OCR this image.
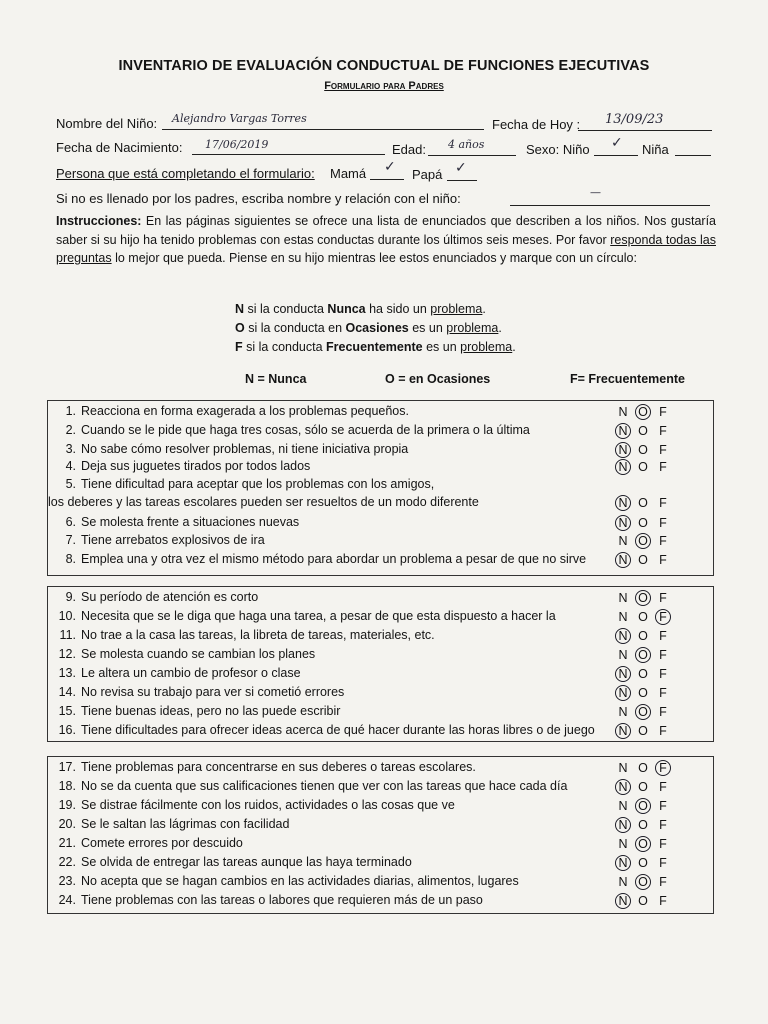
INVENTARIO DE EVALUACIÓN CONDUCTUAL DE FUNCIONES EJECUTIVAS
Formulario para Padres
Nombre del Niño: Alejandro Vargas Torres	Fecha de Hoy : 13/09/23
Fecha de Nacimiento: 17/06/2019	Edad: 4 años	Sexo: Niño ✓ Niña
Persona que está completando el formulario: Mamá ✓
Papá ✓
Si no es llenado por los padres, escriba nombre y relación con el niño:	—
Instrucciones: En las páginas siguientes se ofrece una lista de enunciados que describen a los niños. Nos gustaría saber si su hijo ha tenido problemas con estas conductas durante los últimos seis meses. Por favor responda todas las preguntas lo mejor que pueda. Piense en su hijo mientras lee estos enunciados y marque con un círculo:
N si la conducta Nunca ha sido un problema.
O si la conducta en Ocasiones es un problema.
F si la conducta Frecuentemente es un problema.
N = Nunca	O = en Ocasiones	F= Frecuentemente
1. Reacciona en forma exagerada a los problemas pequeños.	N O F
2. Cuando se le pide que haga tres cosas, sólo se acuerda de la primera o la última	N O F
3. No sabe cómo resolver problemas, ni tiene iniciativa propia	N O F
4. Deja sus juguetes tirados por todos lados	N O F
5. Tiene dificultad para aceptar que los problemas con los amigos,
los deberes y las tareas escolares pueden ser resueltos de un modo diferente	N O F
6. Se molesta frente a situaciones nuevas	N O F
7. Tiene arrebatos explosivos de ira	N O F
8. Emplea una y otra vez el mismo método para abordar un problema a pesar de que no sirve	N O F
9. Su período de atención es corto	N O F
10. Necesita que se le diga que haga una tarea, a pesar de que esta dispuesto a hacer la	N O F
11. No trae a la casa las tareas, la libreta de tareas, materiales, etc.	N O F
12. Se molesta cuando se cambian los planes	N O F
13. Le altera un cambio de profesor o clase	N O F
14. No revisa su trabajo para ver si cometió errores	N O F
15. Tiene buenas ideas, pero no las puede escribir	N O F
16. Tiene dificultades para ofrecer ideas acerca de qué hacer durante las horas libres o de juego N O F
17. Tiene problemas para concentrarse en sus deberes o tareas escolares.	N O F
18. No se da cuenta que sus calificaciones tienen que ver con las tareas que hace cada día	N O F
19. Se distrae fácilmente con los ruidos, actividades o las cosas que ve	N O F
20. Se le saltan las lágrimas con facilidad	N O F
21. Comete errores por descuido	N O F
22. Se olvida de entregar las tareas aunque las haya terminado	N O F
23. No acepta que se hagan cambios en las actividades diarias, alimentos, lugares	N O F
24. Tiene problemas con las tareas o labores que requieren más de un paso	N O F
